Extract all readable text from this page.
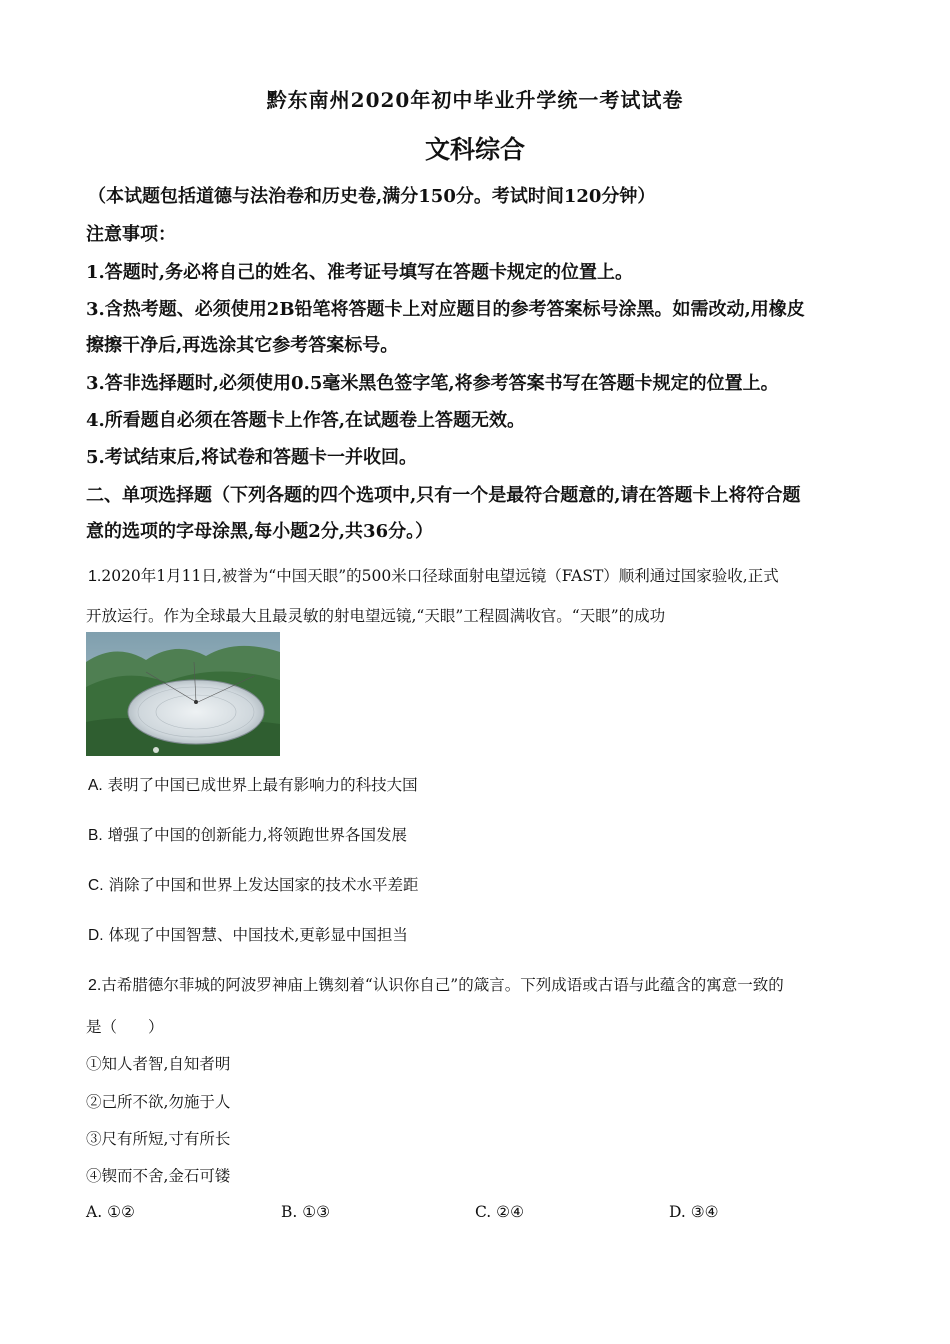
黔东南州2020年初中毕业升学统一考试试卷
文科综合
（本试题包括道德与法治卷和历史卷,满分150分。考试时间120分钟）
注意事项：
1.答题时,务必将自己的姓名、准考证号填写在答题卡规定的位置上。
3.含热考题、必须使用2B铅笔将答题卡上对应题目的参考答案标号涂黑。如需改动,用橡皮
擦擦干净后,再选涂其它参考答案标号。
3.答非选择题时,必须使用0.5毫米黑色签字笔,将参考答案书写在答题卡规定的位置上。
4.所看题自必须在答题卡上作答,在试题卷上答题无效。
5.考试结束后,将试卷和答题卡一并收回。
二、单项选择题（下列各题的四个选项中,只有一个是最符合题意的,请在答题卡上将符合题
意的选项的字母涂黑,每小题2分,共36分。）
1.2020年1月11日,被誉为“中国天眼”的500米口径球面射电望远镜（FAST）顺利通过国家验收,正式
开放运行。作为全球最大且最灵敏的射电望远镜,“天眼”工程圆满收官。“天眼”的成功
A. 表明了中国已成世界上最有影响力的科技大国
B. 增强了中国的创新能力,将领跑世界各国发展
C. 消除了中国和世界上发达国家的技术水平差距
D. 体现了中国智慧、中国技术,更彰显中国担当
2.古希腊德尔菲城的阿波罗神庙上镌刻着“认识你自己”的箴言。下列成语或古语与此蕴含的寓意一致的
是（　　）
①知人者智,自知者明
②己所不欲,勿施于人
③尺有所短,寸有所长
④锲而不舍,金石可镂
A. ①②	B. ①③	C. ②④	D. ③④
